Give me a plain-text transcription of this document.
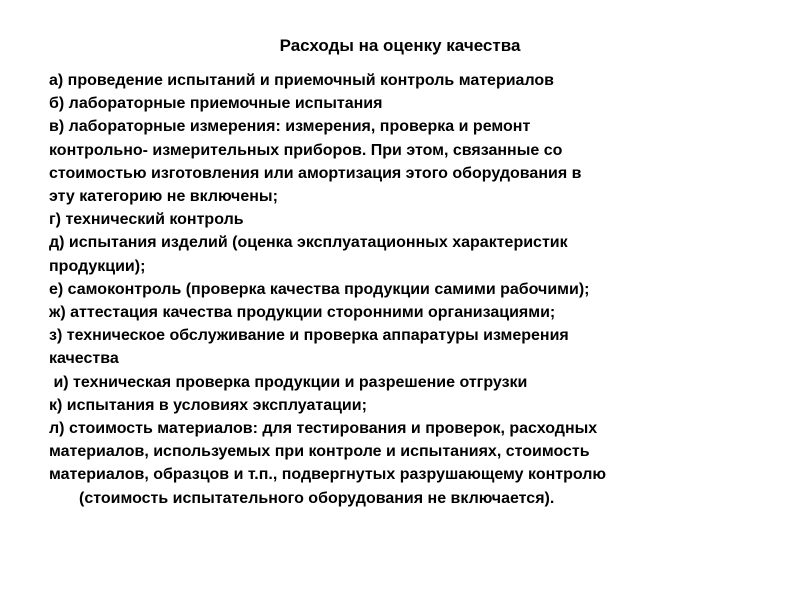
Расходы на оценку качества
а) проведение испытаний и приемочный контроль материалов
б) лабораторные приемочные испытания
в) лабораторные измерения: измерения, проверка и ремонт
контрольно- измерительных приборов. При этом, связанные со
стоимостью изготовления или амортизация этого оборудования в
эту категорию не включены;
г) технический контроль
д) испытания изделий (оценка эксплуатационных характеристик
продукции);
е) самоконтроль (проверка качества продукции самими рабочими);
ж) аттестация качества продукции сторонними организациями;
з) техническое обслуживание и проверка аппаратуры измерения
качества
и) техническая проверка продукции и разрешение отгрузки
к) испытания в условиях эксплуатации;
л) стоимость материалов: для тестирования и проверок, расходных
материалов, используемых при контроле и испытаниях, стоимость
материалов, образцов и т.п., подвергнутых разрушающему контролю
(стоимость испытательного оборудования не включается).
